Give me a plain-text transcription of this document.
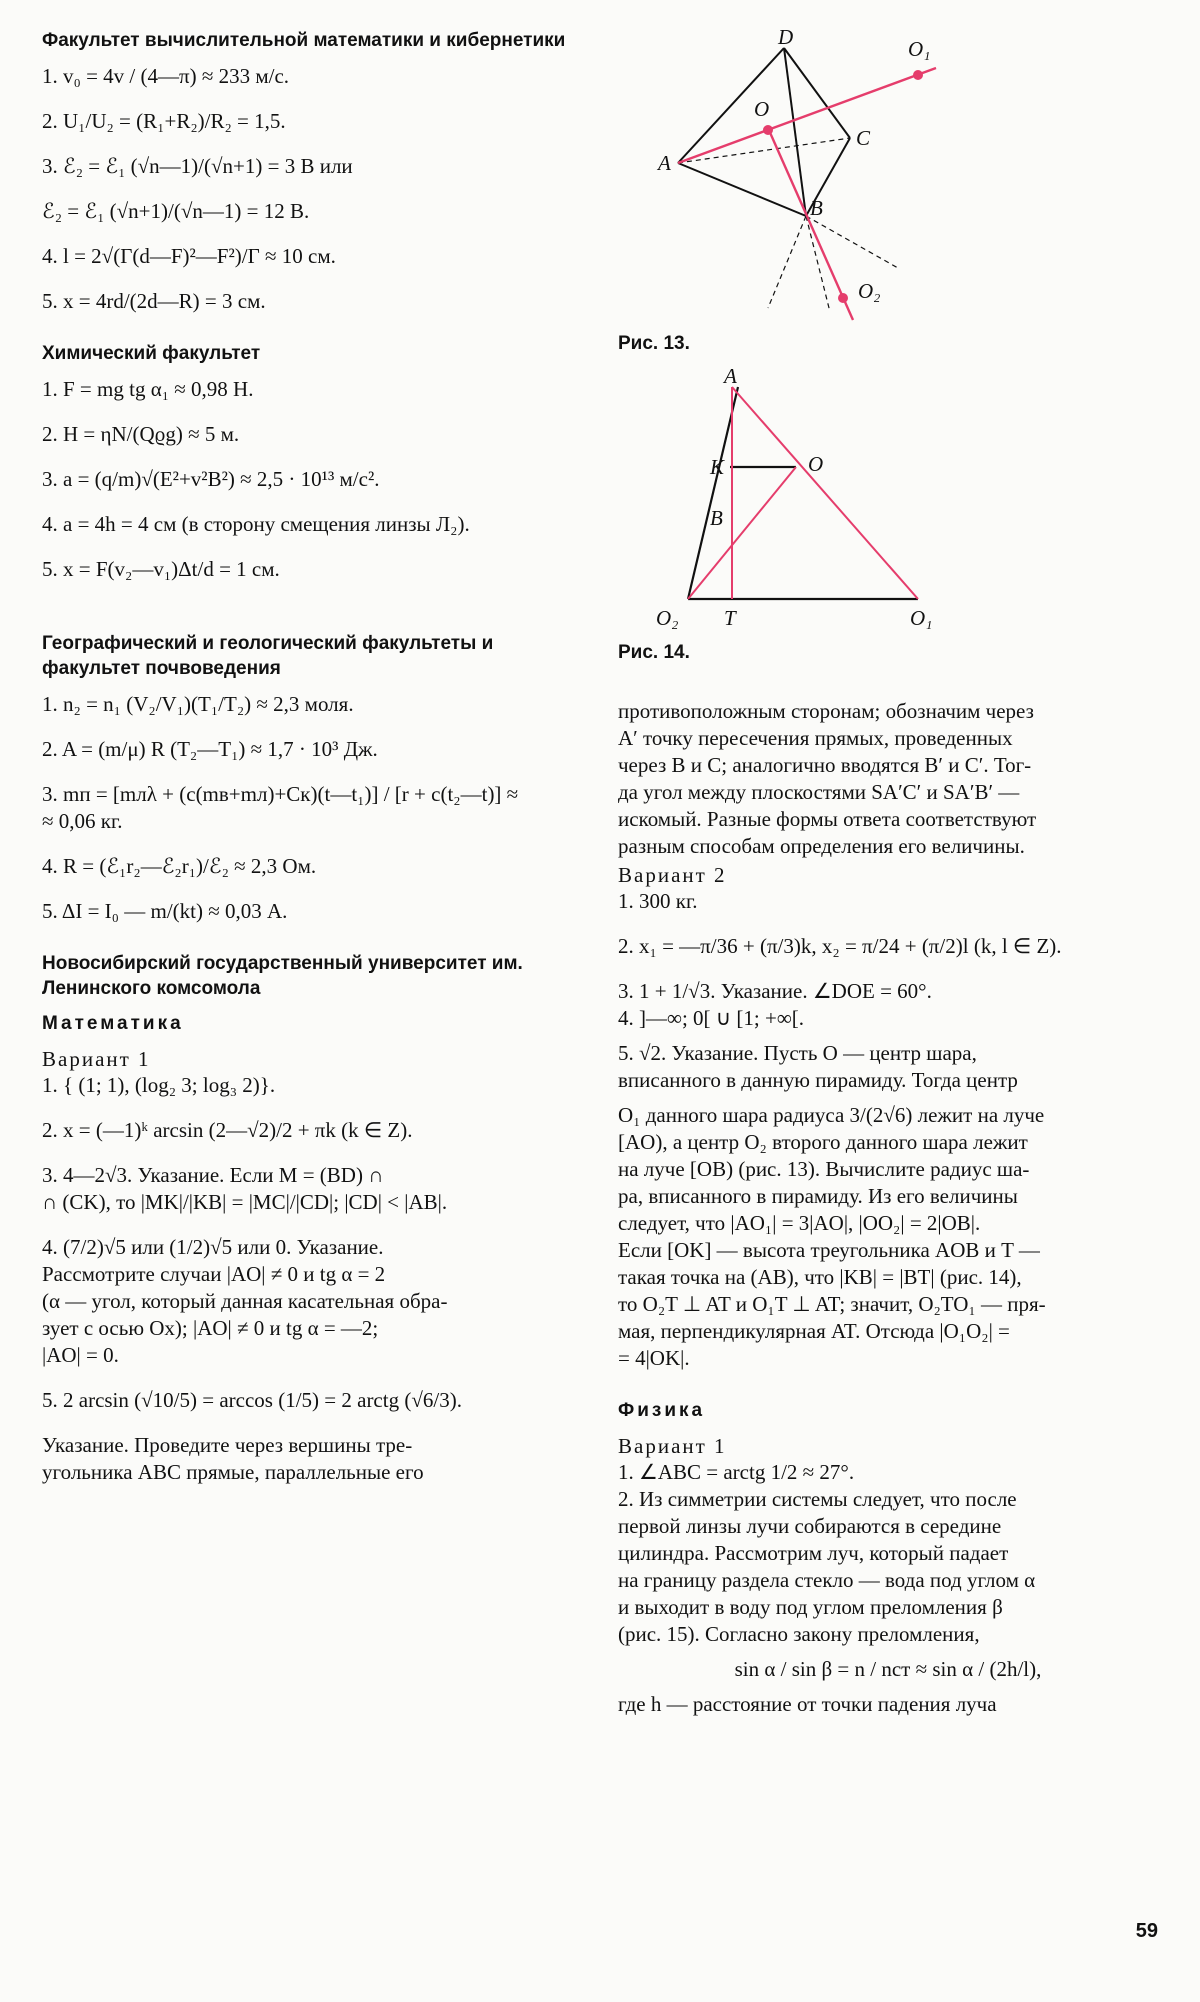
Факультет вычислительной математики и кибернетики

1. v₀ = 4v / (4—π) ≈ 233 м/с.

2. U₁/U₂ = (R₁+R₂)/R₂ = 1,5.

3. ℰ₂ = ℰ₁ (√n—1)/(√n+1) = 3 В или

ℰ₂ = ℰ₁ (√n+1)/(√n—1) = 12 В.

4. l = 2√(Γ(d—F)²—F²)/Γ ≈ 10 см.

5. x = 4rd/(2d—R) = 3 см.

Химический факультет

1. F = mg tg α₁ ≈ 0,98 Н.

2. H = ηN/(Qϱg) ≈ 5 м.

3. a = (q/m)√(E²+v²B²) ≈ 2,5 · 10¹³ м/с².

4. a = 4h = 4 см (в сторону смещения линзы Л₂).

5. x = F(v₂—v₁)Δt/d = 1 см.

Географический и геологический факультеты и факультет почвоведения

1. n₂ = n₁ (V₂/V₁)(T₁/T₂) ≈ 2,3 моля.

2. A = (m/μ) R (T₂—T₁) ≈ 1,7 · 10³ Дж.

3. mп = [mлλ + (c(mв+mл)+Cк)(t—t₁)] / [r + c(t₂—t)] ≈

≈ 0,06 кг.

4. R = (ℰ₁r₂—ℰ₂r₁)/ℰ₂ ≈ 2,3 Ом.

5. ΔI = I₀ — m/(kt) ≈ 0,03 А.

Новосибирский государственный университет им. Ленинского комсомола
Математика

Вариант 1

1. { (1; 1), (log₂ 3; log₃ 2)}.

2. x = (—1)ᵏ arcsin (2—√2)/2 + πk (k ∈ Z).

3. 4—2√3. Указание. Если M = (BD) ∩

∩ (CK), то |MK|/|KB| = |MC|/|CD|; |CD| < |AB|.

4. (7/2)√5 или (1/2)√5 или 0. Указание.

Рассмотрите случаи |AO| ≠ 0 и tg α = 2

(α — угол, который данная касательная обра-

зует с осью Ox); |AO| ≠ 0 и tg α = —2;

|AO| = 0.

5. 2 arcsin (√10/5) = arccos (1/5) = 2 arctg (√6/3).

Указание. Проведите через вершины тре-

угольника ABC прямые, параллельные его

D	O₁
O
C
A
B
O₂

Рис. 13.

A
K	O
B
O₂ T	O₁

Рис. 14.

противоположным сторонам; обозначим через

A′ точку пересечения прямых, проведенных

через B и C; аналогично вводятся B′ и C′. Тог-

да угол между плоскостями SA′C′ и SA′B′ —

искомый. Разные формы ответа соответствуют

разным способам определения его величины.

Вариант 2

1. 300 кг.

2. x₁ = —π/36 + (π/3)k, x₂ = π/24 + (π/2)l (k, l ∈ Z).

3. 1 + 1/√3. Указание. ∠DOE = 60°.

4. ]—∞; 0[ ∪ [1; +∞[.

5. √2. Указание. Пусть O — центр шара,

вписанного в данную пирамиду. Тогда центр

O₁ данного шара радиуса 3/(2√6) лежит на луче

[AO), а центр O₂ второго данного шара лежит

на луче [OB) (рис. 13). Вычислите радиус ша-

ра, вписанного в пирамиду. Из его величины

следует, что |AO₁| = 3|AO|, |OO₂| = 2|OB|.

Если [OK] — высота треугольника AOB и T —

такая точка на (AB), что |KB| = |BT| (рис. 14),

то O₂T ⊥ AT и O₁T ⊥ AT; значит, O₂TO₁ — пря-

мая, перпендикулярная AT. Отсюда |O₁O₂| =

= 4|OK|.

Физика

Вариант 1

1. ∠ABC = arctg 1/2 ≈ 27°.

2. Из симметрии системы следует, что после

первой линзы лучи собираются в середине

цилиндра. Рассмотрим луч, который падает

на границу раздела стекло — вода под углом α

и выходит в воду под углом преломления β

(рис. 15). Согласно закону преломления,

sin α / sin β = n / nст ≈ sin α / (2h/l),

где h — расстояние от точки падения луча

59
